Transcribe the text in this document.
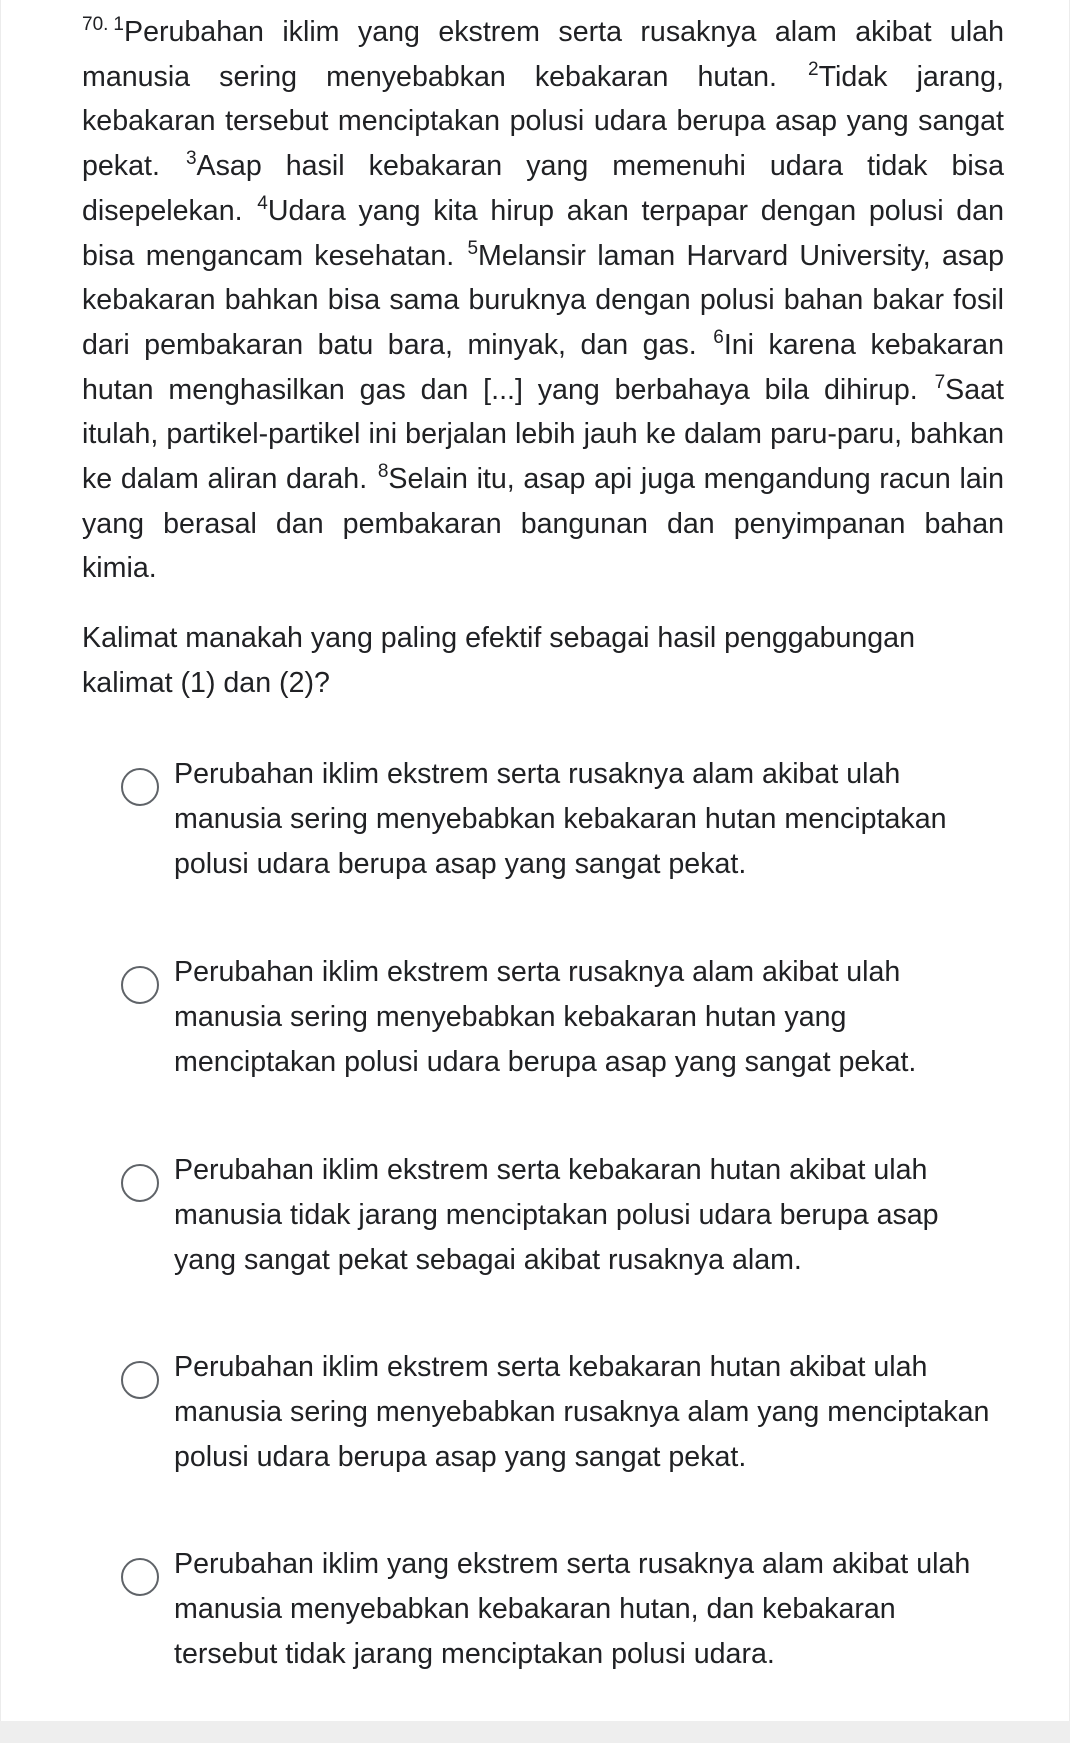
$^{70.}$ $^1$Perubahan iklim yang ekstrem serta rusaknya alam akibat ulah manusia sering menyebabkan kebakaran hutan. $^2$Tidak jarang, kebakaran tersebut menciptakan polusi udara berupa asap yang sangat pekat. $^3$Asap hasil kebakaran yang memenuhi udara tidak bisa disepelekan. $^4$Udara yang kita hirup akan terpapar dengan polusi dan bisa mengancam kesehatan. $^5$Melansir laman Harvard University, asap kebakaran bahkan bisa sama buruknya dengan polusi bahan bakar fosil dari pembakaran batu bara, minyak, dan gas. $^6$Ini karena kebakaran hutan menghasilkan gas dan [...] yang berbahaya bila dihirup. $^7$Saat itulah, partikel-partikel ini berjalan lebih jauh ke dalam paru-paru, bahkan ke dalam aliran darah. $^8$Selain itu, asap api juga mengandung racun lain yang berasal dan pembakaran bangunan dan penyimpanan bahan kimia.

Kalimat manakah yang paling efektif sebagai hasil penggabungan kalimat (1) dan (2)?

Perubahan iklim ekstrem serta rusaknya alam akibat ulah manusia sering menyebabkan kebakaran hutan menciptakan polusi udara berupa asap yang sangat pekat.
Perubahan iklim ekstrem serta rusaknya alam akibat ulah manusia sering menyebabkan kebakaran hutan yang menciptakan polusi udara berupa asap yang sangat pekat.
Perubahan iklim ekstrem serta kebakaran hutan akibat ulah manusia tidak jarang menciptakan polusi udara berupa asap yang sangat pekat sebagai akibat rusaknya alam.
Perubahan iklim ekstrem serta kebakaran hutan akibat ulah manusia sering menyebabkan rusaknya alam yang menciptakan polusi udara berupa asap yang sangat pekat.
Perubahan iklim yang ekstrem serta rusaknya alam akibat ulah manusia menyebabkan kebakaran hutan, dan kebakaran tersebut tidak jarang menciptakan polusi udara.
